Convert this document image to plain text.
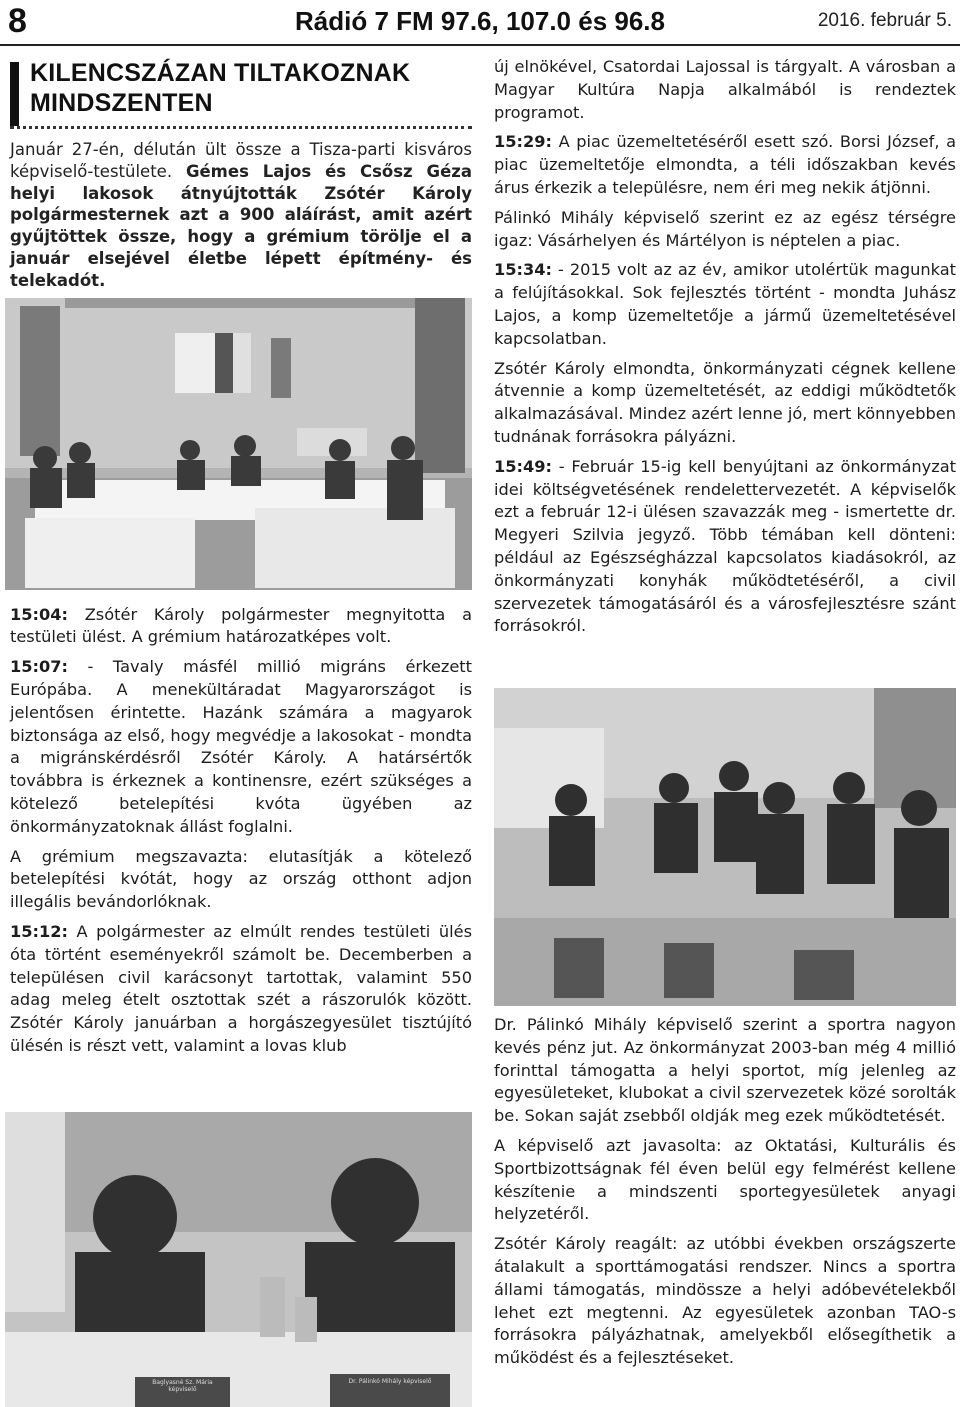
8	Rádió 7 FM 97.6, 107.0 és 96.8	2016. február 5.
KILENCSZÁZAN TILTAKOZNAK
MINDSZENTEN

Január 27-én, délután ült össze a Tisza-parti kisváros képviselő-testülete. Gémes Lajos és Csősz Géza helyi lakosok átnyújtották Zsótér Károly polgármesternek azt a 900 aláírást, amit azért gyűjtöttek össze, hogy a grémium törölje el a január elsejével életbe lépett építmény- és telekadót.

15:04: Zsótér Károly polgármester megnyitotta a testületi ülést. A grémium határozatképes volt.

15:07: - Tavaly másfél millió migráns érkezett Európába. A menekültáradat Magyarországot is jelentősen érintette. Hazánk számára a magyarok biztonsága az első, hogy megvédje a lakosokat - mondta a migránskérdésről Zsótér Károly. A határsértők továbbra is érkeznek a kontinensre, ezért szükséges a kötelező betelepítési kvóta ügyében az önkormányzatoknak állást foglalni.

A grémium megszavazta: elutasítják a kötelező betelepítési kvótát, hogy az ország otthont adjon illegális bevándorlóknak.

15:12: A polgármester az elmúlt rendes testületi ülés óta történt eseményekről számolt be. Decemberben a településen civil karácsonyt tartottak, valamint 550 adag meleg ételt osztottak szét a rászorulók között. Zsótér Károly januárban a horgászegyesület tisztújító ülésén is részt vett, valamint a lovas klub

új elnökével, Csatordai Lajossal is tárgyalt. A városban a Magyar Kultúra Napja alkalmából is rendeztek programot.

15:29: A piac üzemeltetéséről esett szó. Borsi József, a piac üzemeltetője elmondta, a téli időszakban kevés árus érkezik a településre, nem éri meg nekik átjönni.

Pálinkó Mihály képviselő szerint ez az egész térségre igaz: Vásárhelyen és Mártélyon is néptelen a piac.

15:34: - 2015 volt az az év, amikor utolértük magunkat a felújításokkal. Sok fejlesztés történt - mondta Juhász Lajos, a komp üzemeltetője a jármű üzemeltetésével kapcsolatban.

Zsótér Károly elmondta, önkormányzati cégnek kellene átvennie a komp üzemeltetését, az eddigi működtetők alkalmazásával. Mindez azért lenne jó, mert könnyebben tudnának forrásokra pályázni.

15:49: - Február 15-ig kell benyújtani az önkormányzat idei költségvetésének rendelettervezetét. A képviselők ezt a február 12-i ülésen szavazzák meg - ismertette dr. Megyeri Szilvia jegyző. Több témában kell dönteni: például az Egészségházzal kapcsolatos kiadásokról, az önkormányzati konyhák működtetéséről, a civil szervezetek támogatásáról és a városfejlesztésre szánt forrásokról.

Dr. Pálinkó Mihály képviselő szerint a sportra nagyon kevés pénz jut. Az önkormányzat 2003-ban még 4 millió forinttal támogatta a helyi sportot, míg jelenleg az egyesületeket, klubokat a civil szervezetek közé sorolták be. Sokan saját zsebből oldják meg ezek működtetését.

A képviselő azt javasolta: az Oktatási, Kulturális és Sportbizottságnak fél éven belül egy felmérést kellene készítenie a mindszenti sportegyesületek anyagi helyzetéről.

Zsótér Károly reagált: az utóbbi években országszerte átalakult a sporttámogatási rendszer. Nincs a sportra állami támogatás, mindössze a helyi adóbevételekből lehet ezt megtenni. Az egyesületek azonban TAO-s forrásokra pályázhatnak, amelyekből elősegíthetik a működést és a fejlesztéseket.

Baglyasné Sz. Mária képviselő
Dr. Pálinkó Mihály képviselő
